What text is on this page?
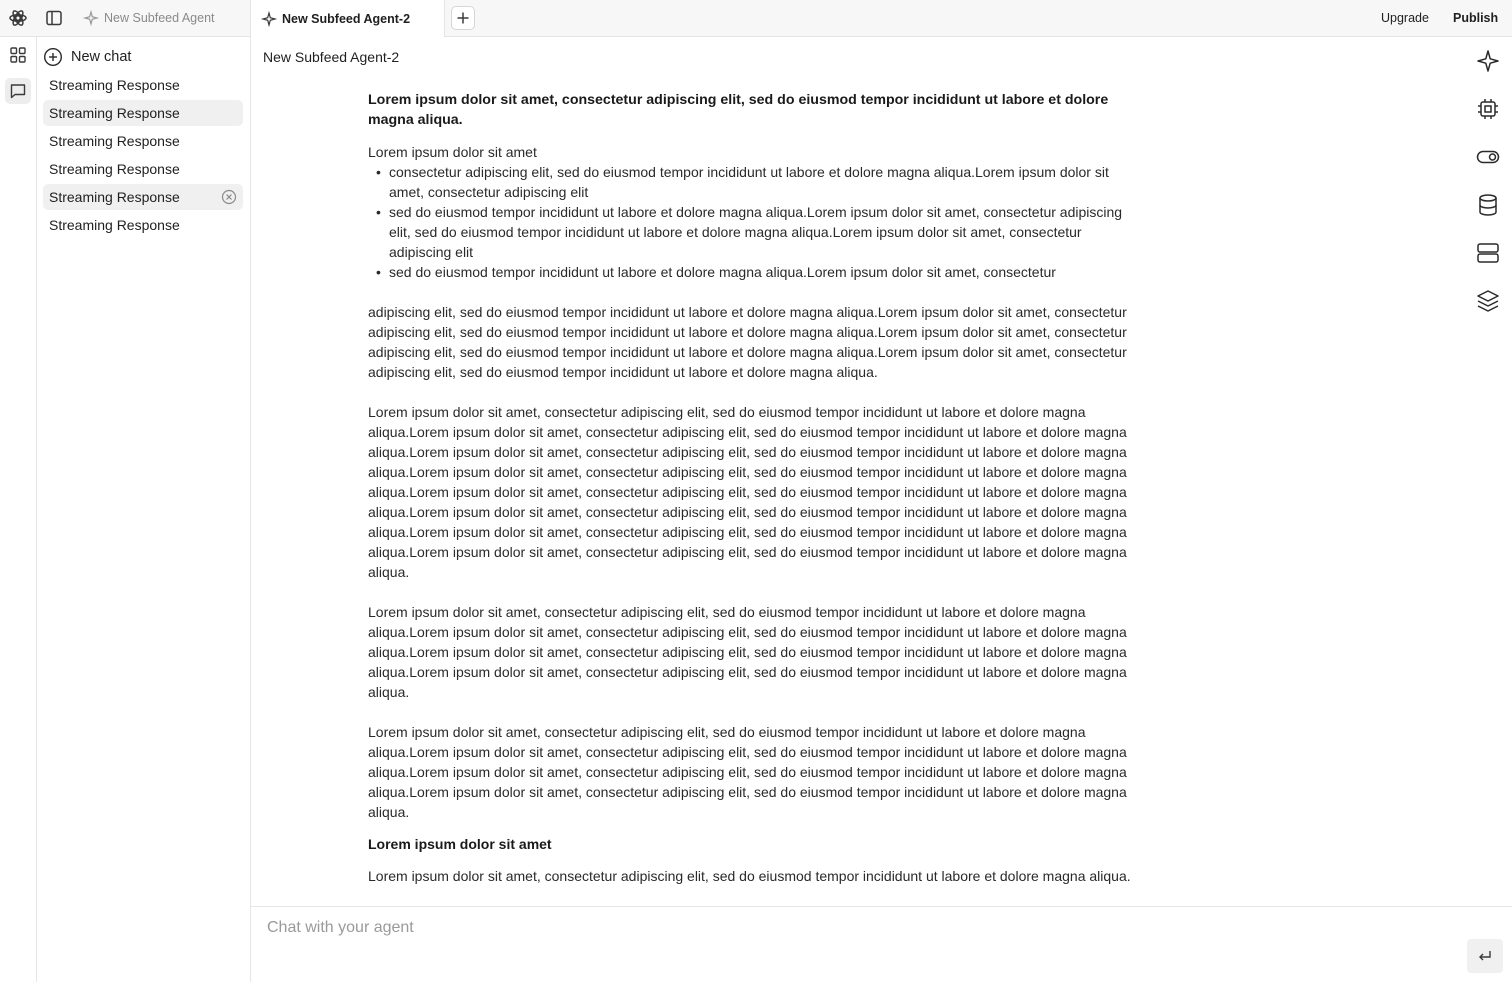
New Subfeed Agent	New Subfeed Agent-2	Upgrade	Publish
New chat
Streaming Response
Streaming Response
Streaming Response
Streaming Response
Streaming Response
Streaming Response
New Subfeed Agent-2

Lorem ipsum dolor sit amet, consectetur adipiscing elit, sed do eiusmod tempor incididunt ut labore et dolore magna aliqua.

Lorem ipsum dolor sit amet

• consectetur adipiscing elit, sed do eiusmod tempor incididunt ut labore et dolore magna aliqua.Lorem ipsum dolor sit amet, consectetur adipiscing elit
• sed do eiusmod tempor incididunt ut labore et dolore magna aliqua.Lorem ipsum dolor sit amet, consectetur adipiscing elit, sed do eiusmod tempor incididunt ut labore et dolore magna aliqua.Lorem ipsum dolor sit amet, consectetur adipiscing elit
• sed do eiusmod tempor incididunt ut labore et dolore magna aliqua.Lorem ipsum dolor sit amet, consectetur

adipiscing elit, sed do eiusmod tempor incididunt ut labore et dolore magna aliqua.Lorem ipsum dolor sit amet, consectetur adipiscing elit, sed do eiusmod tempor incididunt ut labore et dolore magna aliqua.Lorem ipsum dolor sit amet, consectetur adipiscing elit, sed do eiusmod tempor incididunt ut labore et dolore magna aliqua.Lorem ipsum dolor sit amet, consectetur adipiscing elit, sed do eiusmod tempor incididunt ut labore et dolore magna aliqua.

Lorem ipsum dolor sit amet, consectetur adipiscing elit, sed do eiusmod tempor incididunt ut labore et dolore magna aliqua.Lorem ipsum dolor sit amet, consectetur adipiscing elit, sed do eiusmod tempor incididunt ut labore et dolore magna aliqua.Lorem ipsum dolor sit amet, consectetur adipiscing elit, sed do eiusmod tempor incididunt ut labore et dolore magna aliqua.Lorem ipsum dolor sit amet, consectetur adipiscing elit, sed do eiusmod tempor incididunt ut labore et dolore magna aliqua.Lorem ipsum dolor sit amet, consectetur adipiscing elit, sed do eiusmod tempor incididunt ut labore et dolore magna aliqua.Lorem ipsum dolor sit amet, consectetur adipiscing elit, sed do eiusmod tempor incididunt ut labore et dolore magna aliqua.Lorem ipsum dolor sit amet, consectetur adipiscing elit, sed do eiusmod tempor incididunt ut labore et dolore magna aliqua.Lorem ipsum dolor sit amet, consectetur adipiscing elit, sed do eiusmod tempor incididunt ut labore et dolore magna aliqua.

Lorem ipsum dolor sit amet, consectetur adipiscing elit, sed do eiusmod tempor incididunt ut labore et dolore magna aliqua.Lorem ipsum dolor sit amet, consectetur adipiscing elit, sed do eiusmod tempor incididunt ut labore et dolore magna aliqua.Lorem ipsum dolor sit amet, consectetur adipiscing elit, sed do eiusmod tempor incididunt ut labore et dolore magna aliqua.Lorem ipsum dolor sit amet, consectetur adipiscing elit, sed do eiusmod tempor incididunt ut labore et dolore magna aliqua.

Lorem ipsum dolor sit amet, consectetur adipiscing elit, sed do eiusmod tempor incididunt ut labore et dolore magna aliqua.Lorem ipsum dolor sit amet, consectetur adipiscing elit, sed do eiusmod tempor incididunt ut labore et dolore magna aliqua.Lorem ipsum dolor sit amet, consectetur adipiscing elit, sed do eiusmod tempor incididunt ut labore et dolore magna aliqua.Lorem ipsum dolor sit amet, consectetur adipiscing elit, sed do eiusmod tempor incididunt ut labore et dolore magna aliqua.

Lorem ipsum dolor sit amet

Lorem ipsum dolor sit amet, consectetur adipiscing elit, sed do eiusmod tempor incididunt ut labore et dolore magna aliqua.

Chat with your agent
